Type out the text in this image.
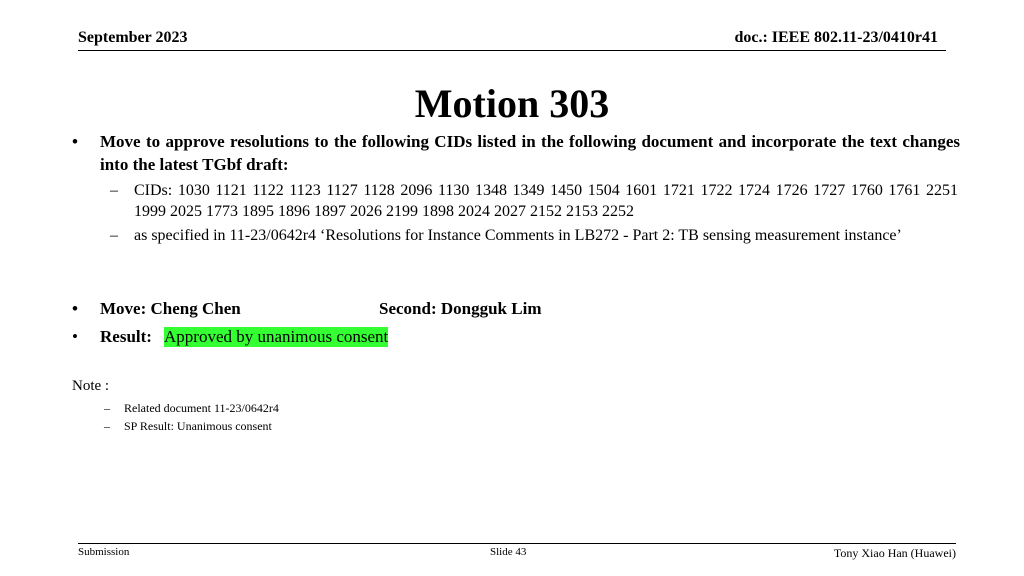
September 2023	doc.: IEEE 802.11-23/0410r41
Motion 303
• Move to approve resolutions to the following CIDs listed in the following document and incorporate the text changes into the latest TGbf draft:
– CIDs: 1030 1121 1122 1123 1127 1128 2096 1130 1348 1349 1450 1504 1601 1721 1722 1724 1726 1727 1760 1761 2251 1999 2025 1773 1895 1896 1897 2026 2199 1898 2024 2027 2152 2153 2252
– as specified in 11-23/0642r4 ‘Resolutions for Instance Comments in LB272 - Part 2: TB sensing measurement instance’
• Move: Cheng Chen	Second: Dongguk Lim
• Result: Approved by unanimous consent
Note :
– Related document 11-23/0642r4
– SP Result: Unanimous consent
Submission	Slide 43	Tony Xiao Han (Huawei)
